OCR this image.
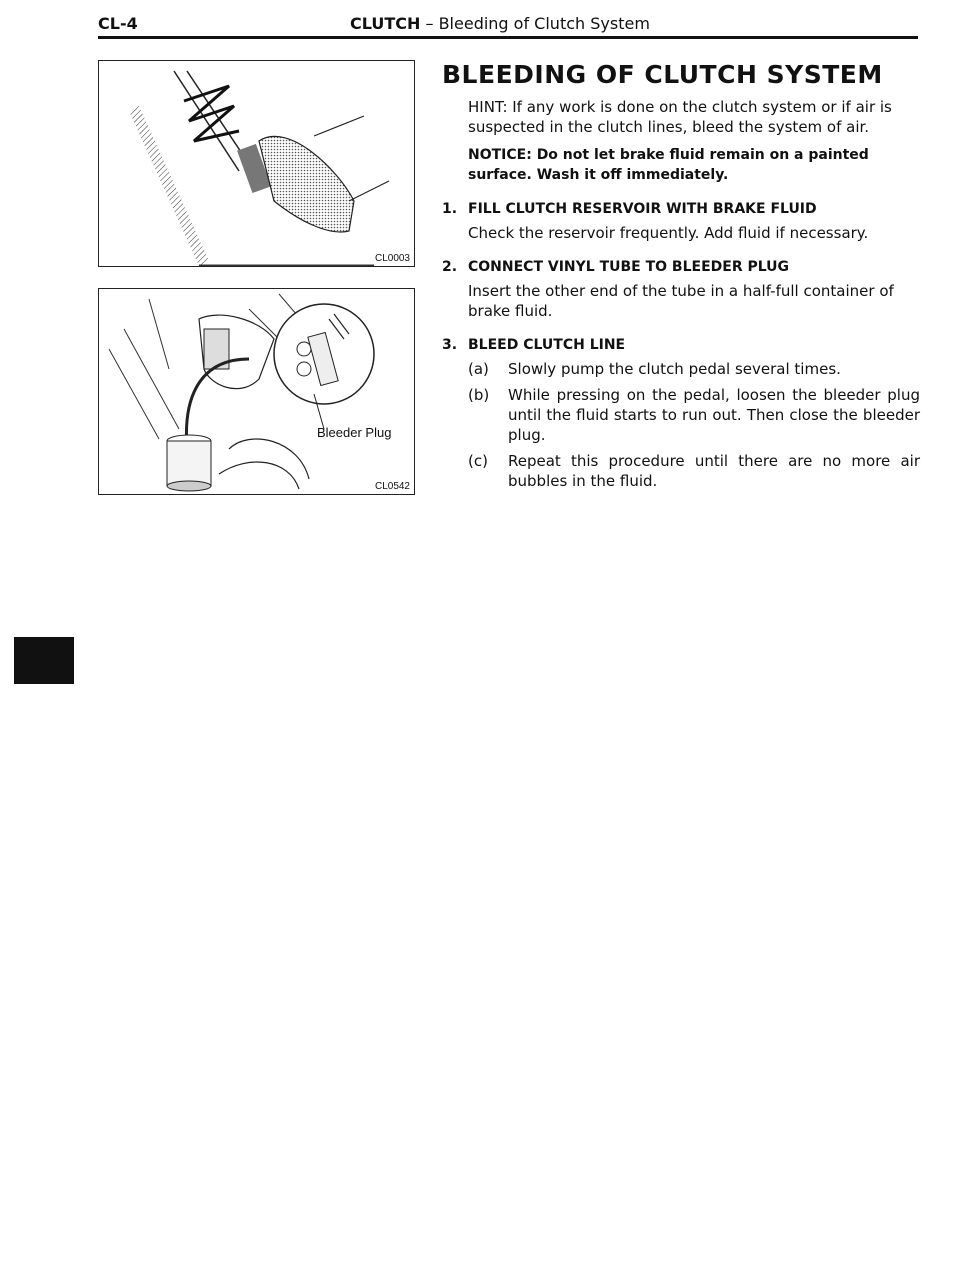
CL-4	CLUTCH – Bleeding of Clutch System
CL0003
Bleeder Plug
CL0542
BLEEDING OF CLUTCH SYSTEM
HINT: If any work is done on the clutch system or if air is suspected in the clutch lines, bleed the system of air.
NOTICE: Do not let brake fluid remain on a painted surface. Wash it off immediately.
1. FILL CLUTCH RESERVOIR WITH BRAKE FLUID
Check the reservoir frequently. Add fluid if necessary.
2. CONNECT VINYL TUBE TO BLEEDER PLUG
Insert the other end of the tube in a half-full container of brake fluid.
3. BLEED CLUTCH LINE
(a) Slowly pump the clutch pedal several times.
(b) While pressing on the pedal, loosen the bleeder plug until the fluid starts to run out. Then close the bleeder plug.
(c) Repeat this procedure until there are no more air bubbles in the fluid.
